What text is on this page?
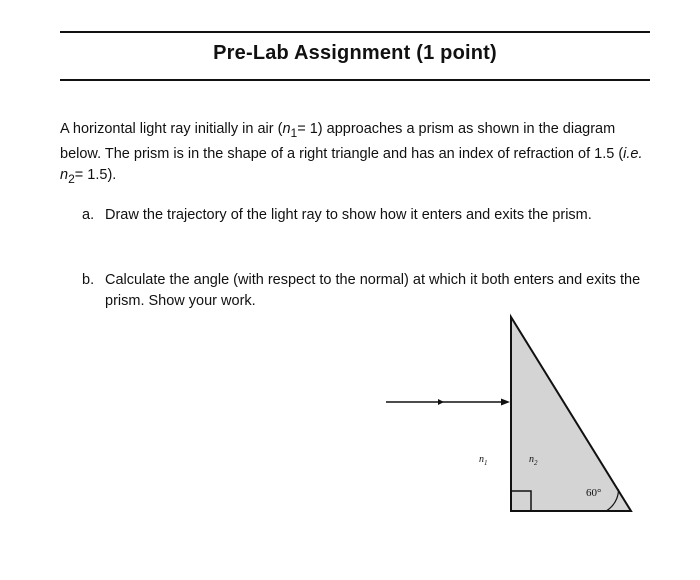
Pre-Lab Assignment (1 point)
A horizontal light ray initially in air $(n_1= 1)$ approaches a prism as shown in the diagram below. The prism is in the shape of a right triangle and has an index of refraction of 1.5 (i.e. $n_2= 1.5$).
a. Draw the trajectory of the light ray to show how it enters and exits the prism.
b. Calculate the angle (with respect to the normal) at which it both enters and exits the prism. Show your work.
$n_1$	$n_2$
60°
